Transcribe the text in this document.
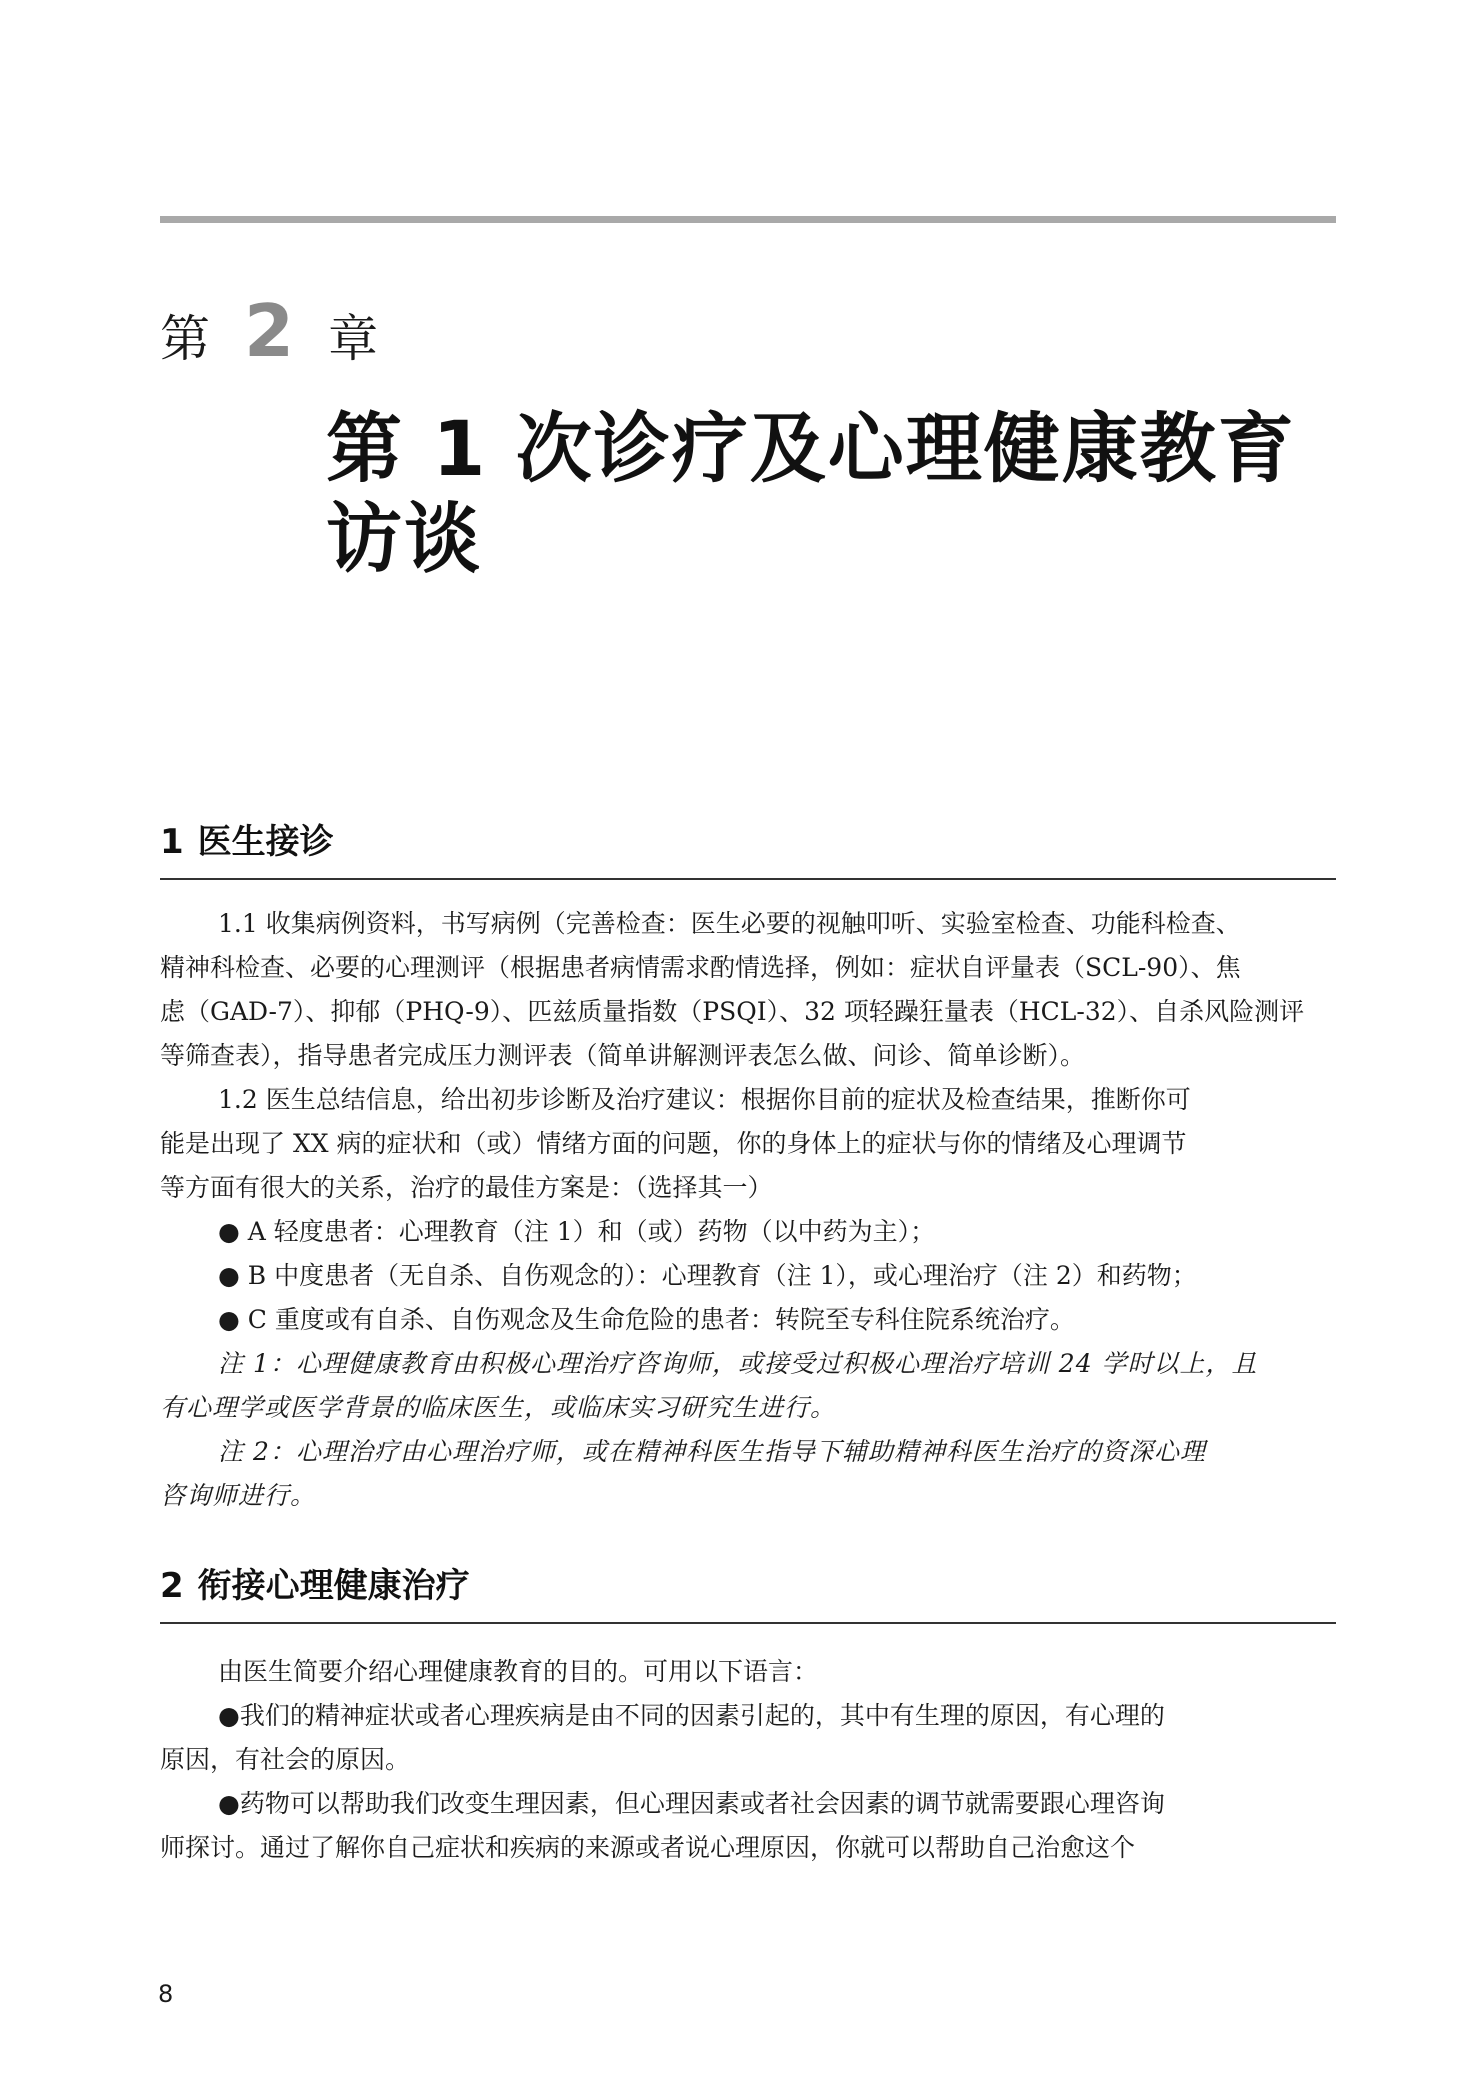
第 2 章
第 1 次诊疗及心理健康教育
访谈
1 医生接诊
1.1 收集病例资料，书写病例（完善检查：医生必要的视触叩听、实验室检查、功能科检查、
精神科检查、必要的心理测评（根据患者病情需求酌情选择，例如：症状自评量表（SCL-90）、焦
虑（GAD-7）、抑郁（PHQ-9）、匹兹质量指数（PSQI）、32 项轻躁狂量表（HCL-32）、自杀风险测评
等筛查表），指导患者完成压力测评表（简单讲解测评表怎么做、问诊、简单诊断）。
1.2 医生总结信息，给出初步诊断及治疗建议：根据你目前的症状及检查结果，推断你可
能是出现了 XX 病的症状和（或）情绪方面的问题，你的身体上的症状与你的情绪及心理调节
等方面有很大的关系，治疗的最佳方案是：（选择其一）
● A 轻度患者：心理教育（注 1）和（或）药物（以中药为主）；
● B 中度患者（无自杀、自伤观念的）：心理教育（注 1），或心理治疗（注 2）和药物；
● C 重度或有自杀、自伤观念及生命危险的患者：转院至专科住院系统治疗。
注 1：心理健康教育由积极心理治疗咨询师，或接受过积极心理治疗培训 24 学时以上，且
有心理学或医学背景的临床医生，或临床实习研究生进行。
注 2：心理治疗由心理治疗师，或在精神科医生指导下辅助精神科医生治疗的资深心理
咨询师进行。
2 衔接心理健康治疗
由医生简要介绍心理健康教育的目的。可用以下语言：
●我们的精神症状或者心理疾病是由不同的因素引起的，其中有生理的原因，有心理的
原因，有社会的原因。
●药物可以帮助我们改变生理因素，但心理因素或者社会因素的调节就需要跟心理咨询
师探讨。通过了解你自己症状和疾病的来源或者说心理原因，你就可以帮助自己治愈这个
8
